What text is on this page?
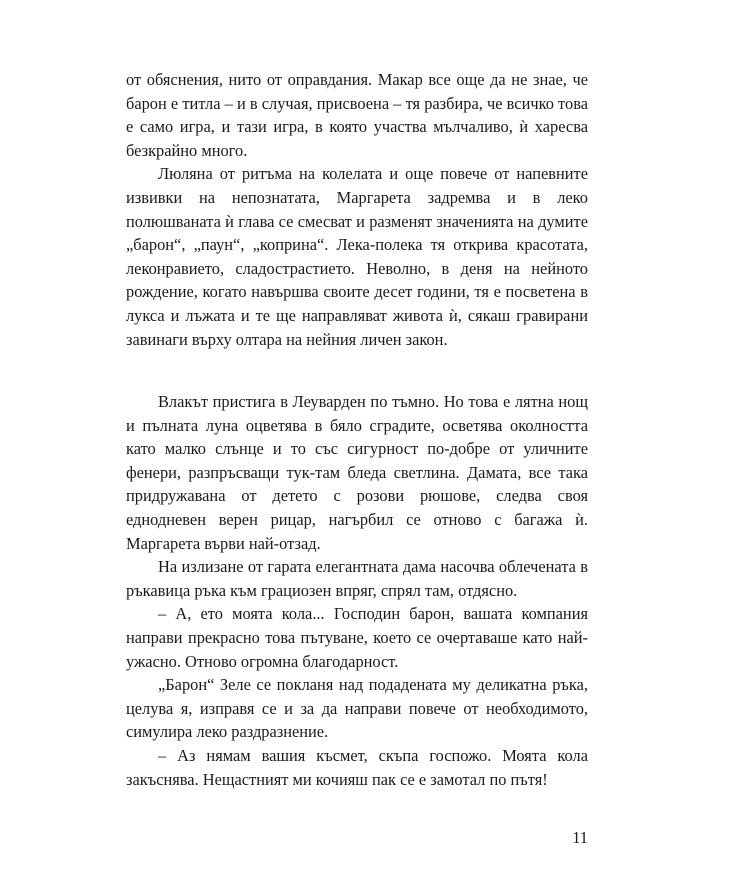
от обяснения, нито от оправдания. Макар все още да не знае, че барон е титла – и в случая, присвоена – тя разбира, че всичко това е само игра, и тази игра, в която участва мълчаливо, ѝ харесва безкрайно много.

Люляна от ритъма на колелата и още повече от напевните извивки на непознатата, Маргарета задремва и в леко полюшваната ѝ глава се смесват и разменят значенията на думите „барон“, „паун“, „коприна“. Лека-полека тя открива красотата, леконравието, сладострастието. Неволно, в деня на нейното рождение, когато навършва своите десет години, тя е посветена в лукса и лъжата и те ще направляват живота ѝ, сякаш гравирани завинаги върху олтара на нейния личен закон.

Влакът пристига в Леуварден по тъмно. Но това е лятна нощ и пълната луна оцветява в бяло сградите, осветява околността като малко слънце и то със сигурност по-добре от уличните фенери, разпръсващи тук-там бледа светлина. Дамата, все така придружавана от детето с розови рюшове, следва своя еднодневен верен рицар, нагърбил се отново с багажа ѝ. Маргарета върви най-отзад.

На излизане от гарата елегантната дама насочва облечената в ръкавица ръка към грациозен впряг, спрял там, отдясно.

– А, ето моята кола... Господин барон, вашата компания направи прекрасно това пътуване, което се очертаваше като най-ужасно. Отново огромна благодарност.

„Барон“ Зеле се покланя над подадената му деликатна ръка, целува я, изправя се и за да направи повече от необходимото, симулира леко раздразнение.

– Аз нямам вашия късмет, скъпа госпожо. Моята кола закъснява. Нещастният ми кочияш пак се е замотал по пътя!

11
